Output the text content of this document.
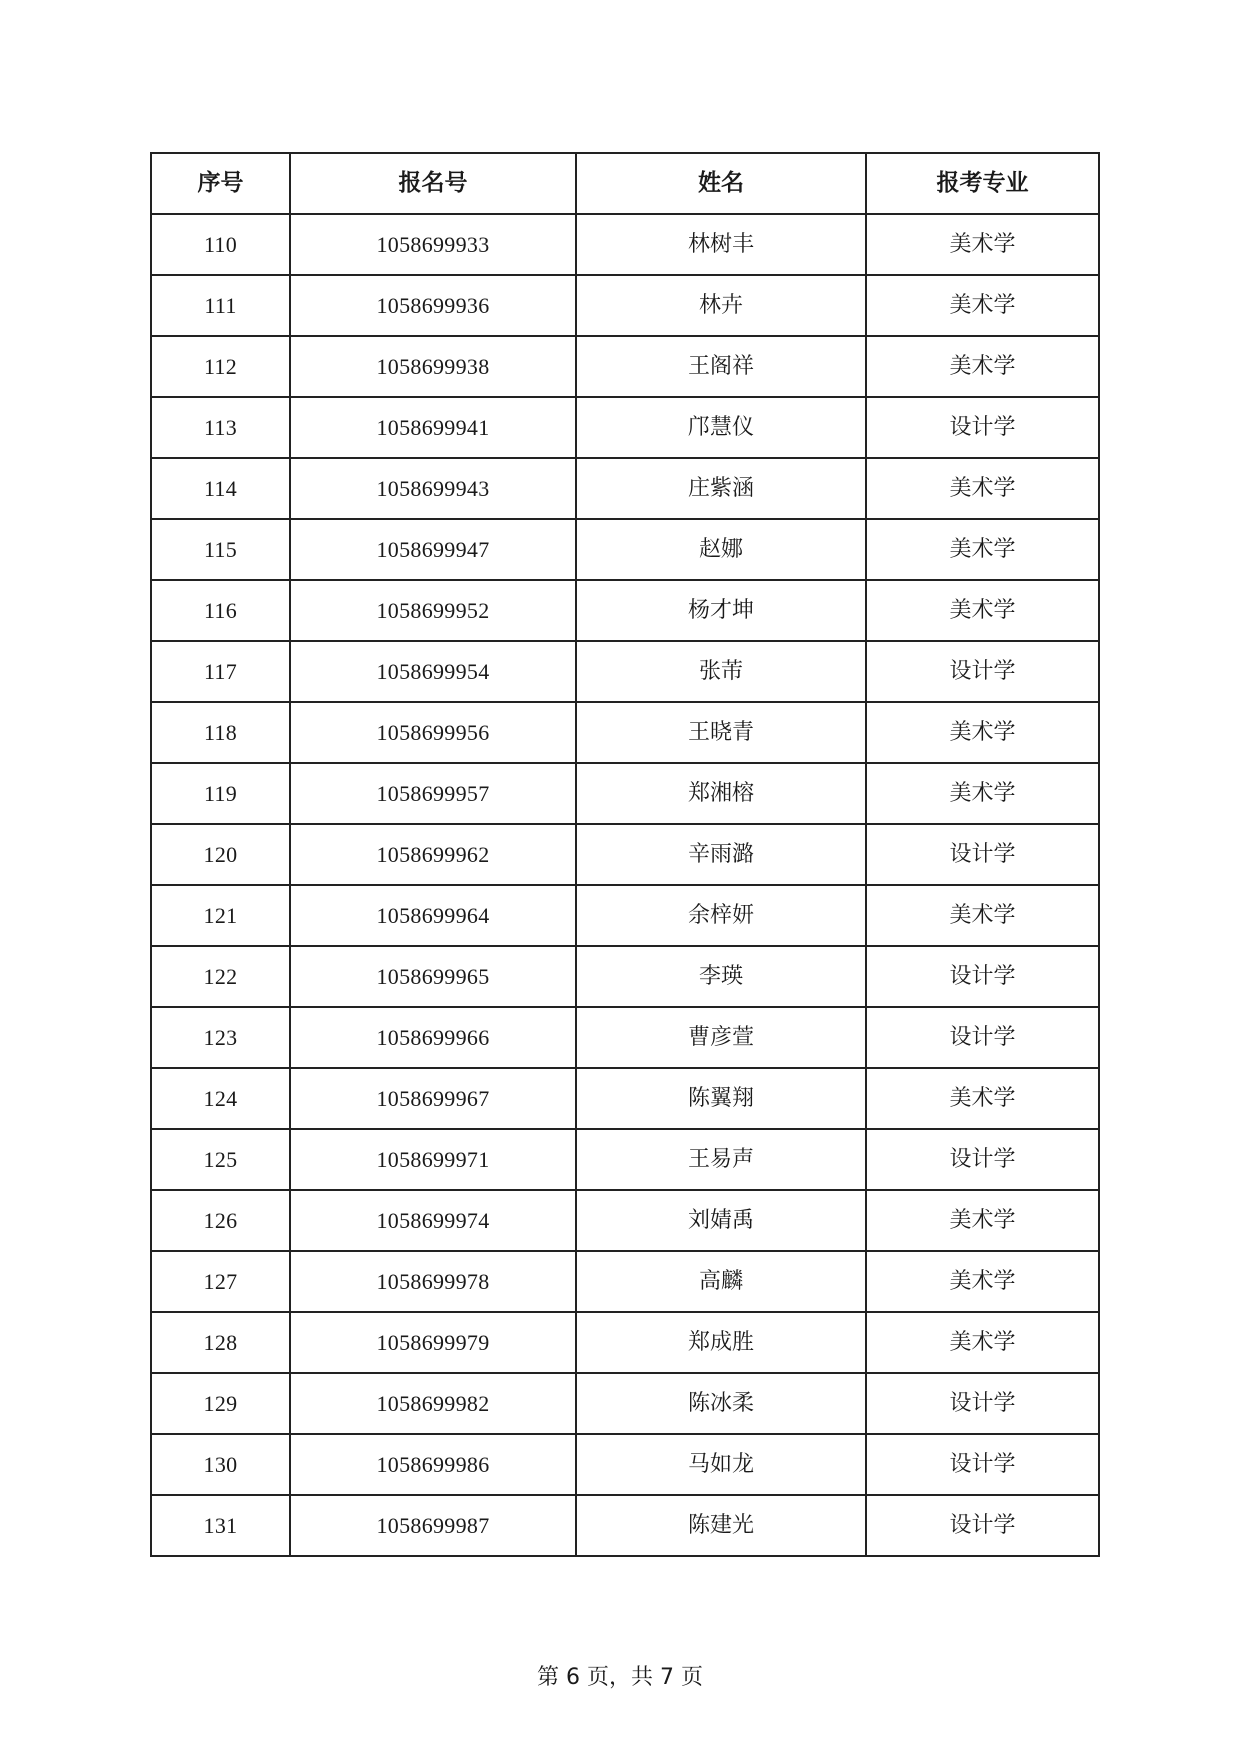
序号	报名号	姓名	报考专业
110	1058699933	林树丰	美术学
111	1058699936	林卉	美术学
112	1058699938	王阁祥	美术学
113	1058699941	邝慧仪	设计学
114	1058699943	庄紫涵	美术学
115	1058699947	赵娜	美术学
116	1058699952	杨才坤	美术学
117	1058699954	张芾	设计学
118	1058699956	王晓青	美术学
119	1058699957	郑湘榕	美术学
120	1058699962	辛雨潞	设计学
121	1058699964	余梓妍	美术学
122	1058699965	李瑛	设计学
123	1058699966	曹彦萱	设计学
124	1058699967	陈翼翔	美术学
125	1058699971	王易声	设计学
126	1058699974	刘婧禹	美术学
127	1058699978	高麟	美术学
128	1058699979	郑成胜	美术学
129	1058699982	陈冰柔	设计学
130	1058699986	马如龙	设计学
131	1058699987	陈建光	设计学
第 6 页，共 7 页
